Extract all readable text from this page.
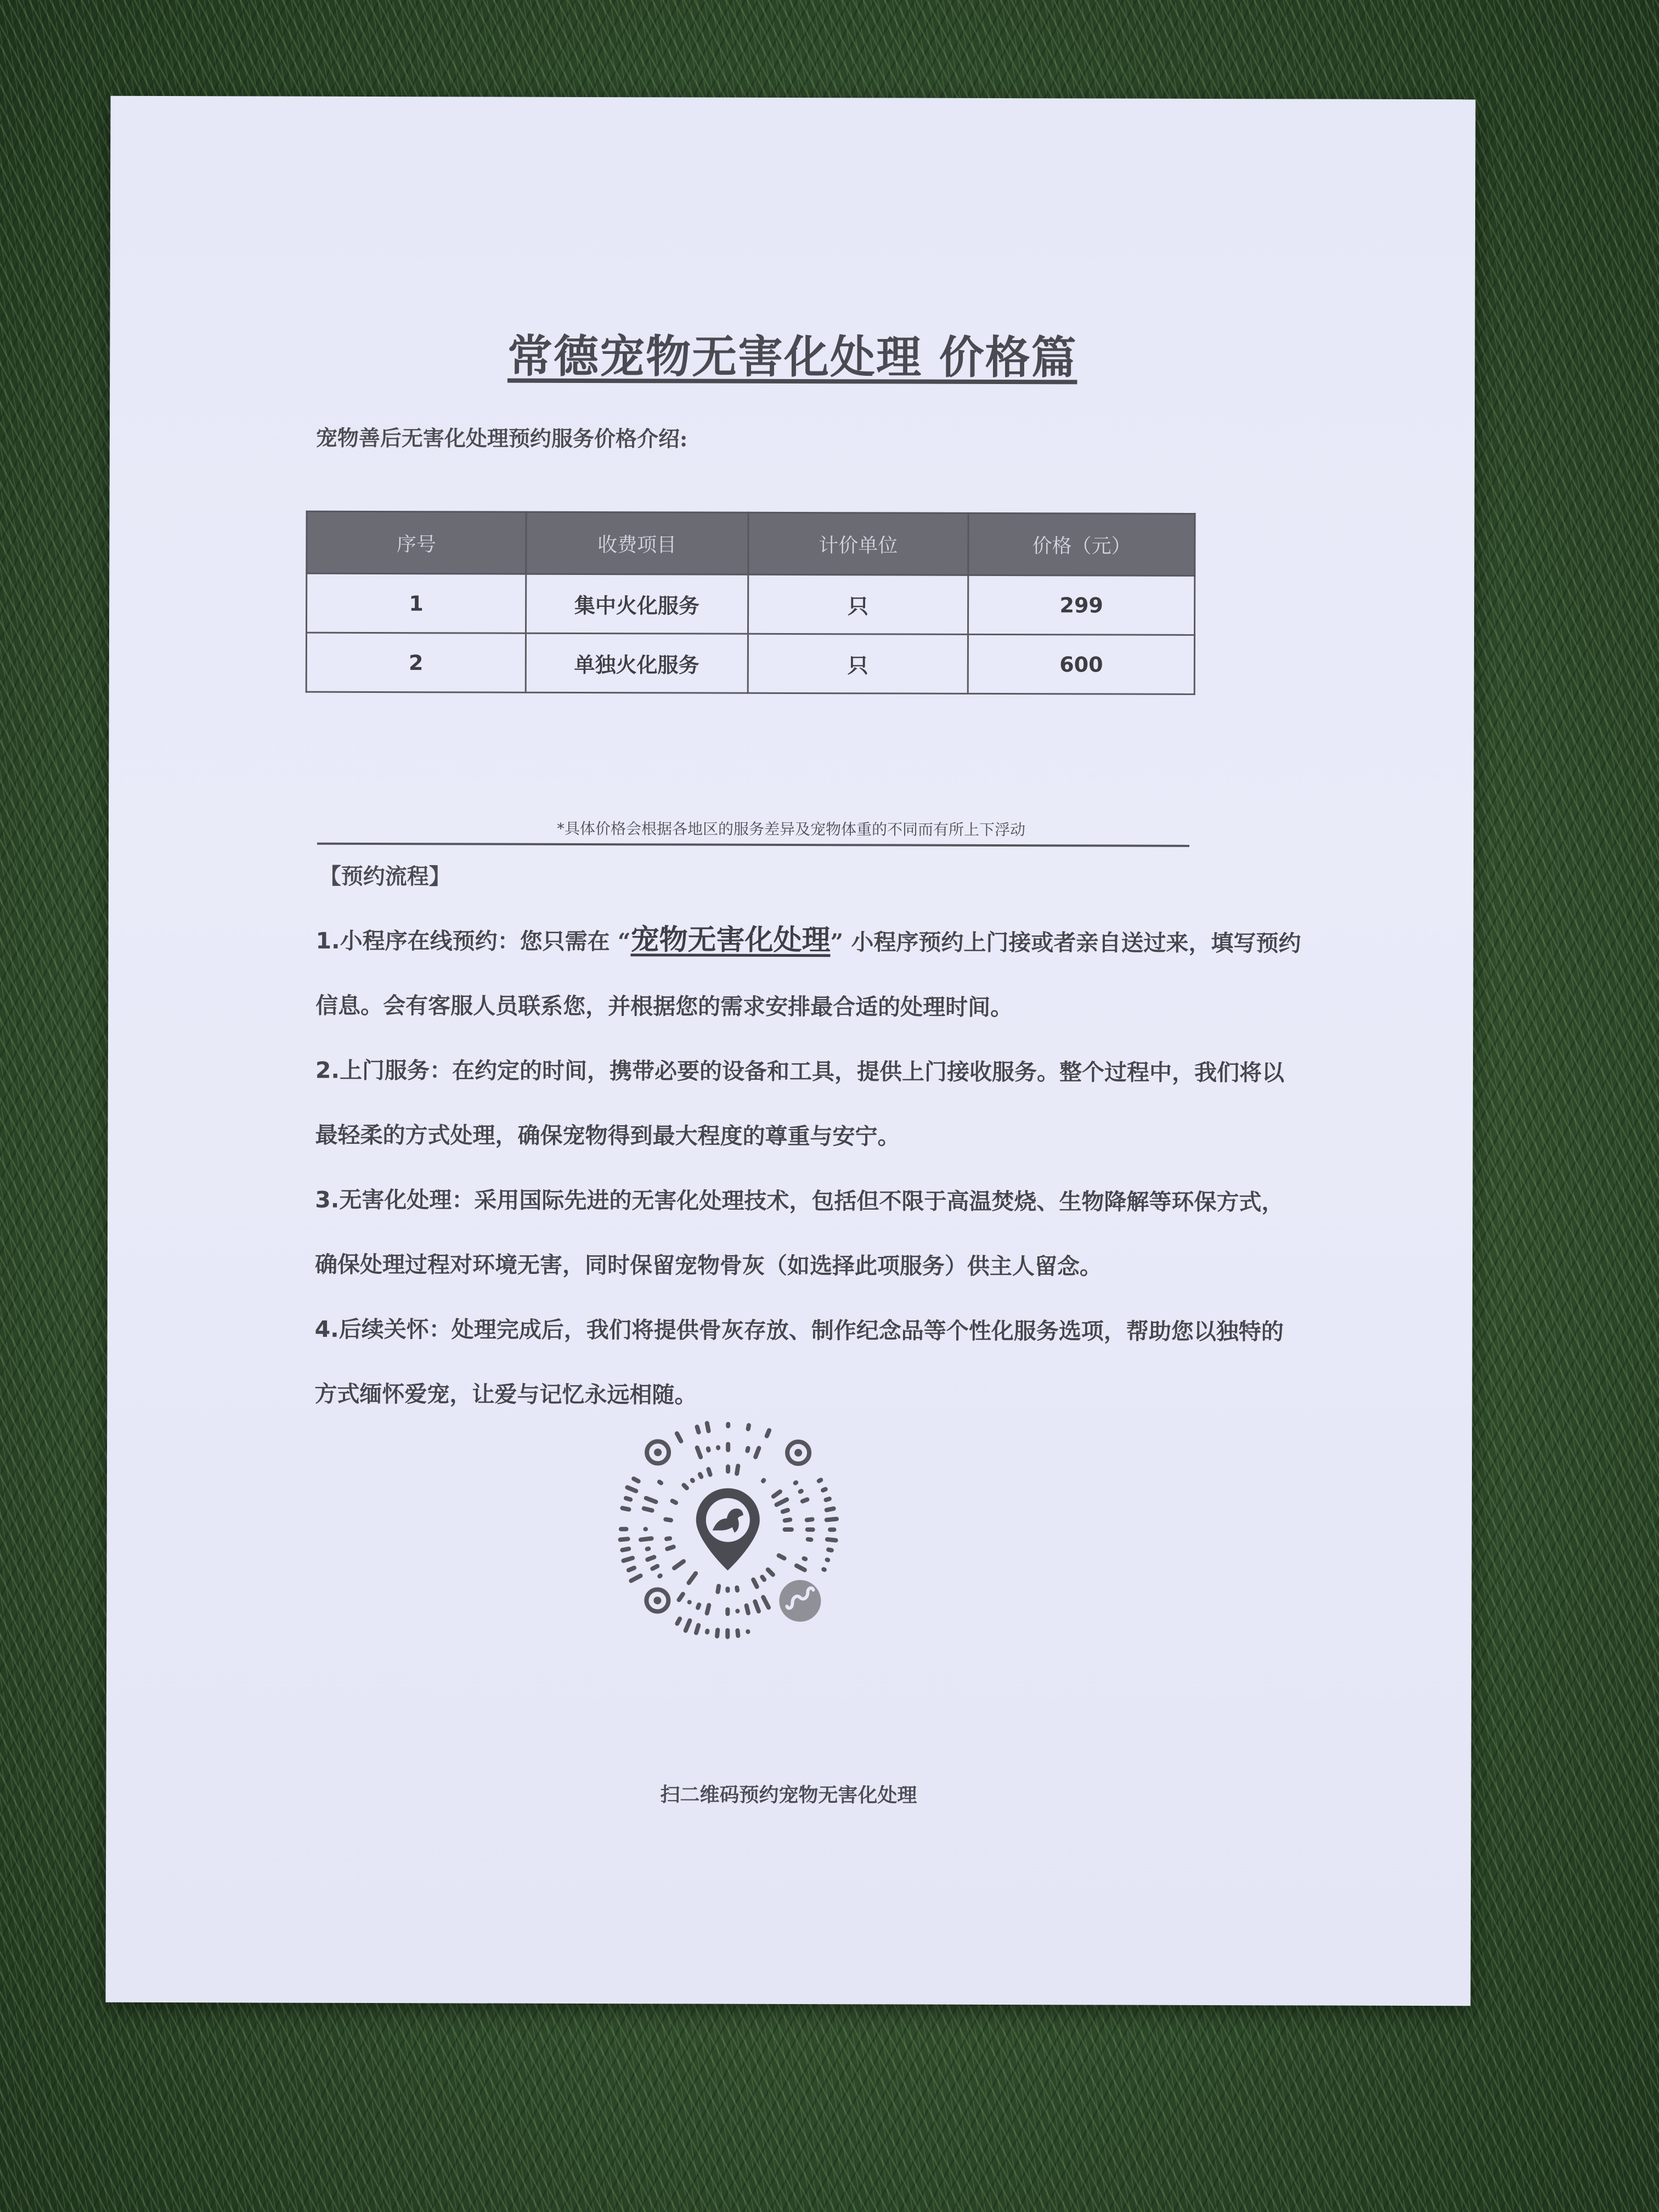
常德宠物无害化处理 价格篇
宠物善后无害化处理预约服务价格介绍:
序号	收费项目	计价单位	价格（元）
1	集中火化服务	只	299
2	单独火化服务	只	600
*具体价格会根据各地区的服务差异及宠物体重的不同而有所上下浮动
【预约流程】

1.小程序在线预约：您只需在 “宠物无害化处理” 小程序预约上门接或者亲自送过来，填写预约信息。会有客服人员联系您，并根据您的需求安排最合适的处理时间。

2.上门服务：在约定的时间，携带必要的设备和工具，提供上门接收服务。整个过程中，我们将以最轻柔的方式处理，确保宠物得到最大程度的尊重与安宁。

3.无害化处理：采用国际先进的无害化处理技术，包括但不限于高温焚烧、生物降解等环保方式，确保处理过程对环境无害，同时保留宠物骨灰（如选择此项服务）供主人留念。

4.后续关怀：处理完成后，我们将提供骨灰存放、制作纪念品等个性化服务选项，帮助您以独特的方式缅怀爱宠，让爱与记忆永远相随。

扫二维码预约宠物无害化处理
